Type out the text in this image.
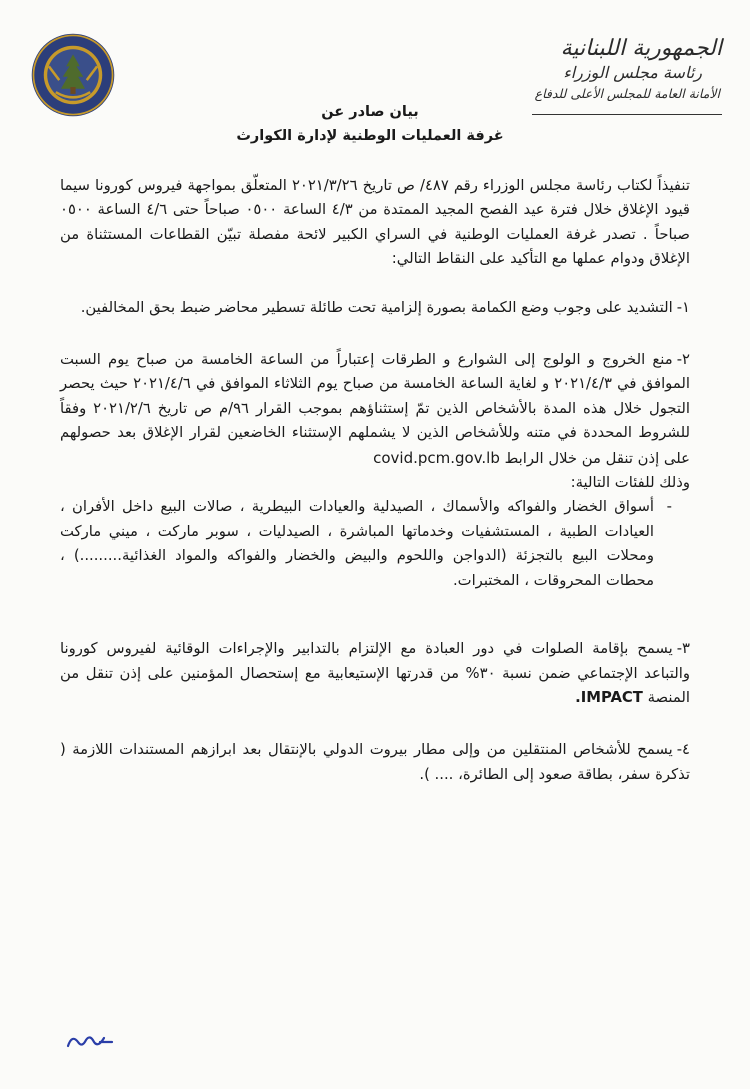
الجمهورية اللبنانية
رئاسة مجلس الوزراء
الأمانة العامة للمجلس الأعلى للدفاع
بيان صادر عن
غرفة العمليات الوطنية لإدارة الكوارث

تنفيذاً لكتاب رئاسة مجلس الوزراء رقم ٤٨٧/ ص تاريخ ٢٠٢١/٣/٢٦ المتعلّق بمواجهة فيروس كورونا سيما قيود الإغلاق خلال فترة عيد الفصح المجيد الممتدة من ٤/٣ الساعة ٠٥٠٠ صباحاً حتى ٤/٦ الساعة ٠٥٠٠ صباحاً . تصدر غرفة العمليات الوطنية في السراي الكبير لائحة مفصلة تبيّن القطاعات المستثناة من الإغلاق ودوام عملها مع التأكيد على النقاط التالي:

١-التشديد على وجوب وضع الكمامة بصورة إلزامية تحت طائلة تسطير محاضر ضبط بحق المخالفين.

٢-منع الخروج و الولوج إلى الشوارع و الطرقات إعتباراً من الساعة الخامسة من صباح يوم السبت الموافق في ٢٠٢١/٤/٣ و لغاية الساعة الخامسة من صباح يوم الثلاثاء الموافق في ٢٠٢١/٤/٦ حيث يحصر التجول خلال هذه المدة بالأشخاص الذين تمّ إستثناؤهم بموجب القرار ٩٦/م ص تاريخ ٢٠٢١/٢/٦ وفقاً للشروط المحددة في متنه وللأشخاص الذين لا يشملهم الإستثناء الخاضعين لقرار الإغلاق بعد حصولهم على إذن تنقل من خلال الرابط covid.pcm.gov.lb

وذلك للفئات التالية:

- أسواق الخضار والفواكه والأسماك ، الصيدلية والعيادات البيطرية ، صالات البيع داخل الأفران ، العيادات الطبية ، المستشفيات وخدماتها المباشرة ، الصيدليات ، سوبر ماركت ، ميني ماركت ومحلات البيع بالتجزئة (الدواجن واللحوم والبيض والخضار والفواكه والمواد الغذائية.........) ، محطات المحروقات ، المختبرات.

٣-يسمح بإقامة الصلوات في دور العبادة مع الإلتزام بالتدابير والإجراءات الوقائية لفيروس كورونا والتباعد الإجتماعي ضمن نسبة ٣٠% من قدرتها الإستيعابية مع إستحصال المؤمنين على إذن تنقل من المنصة IMPACT.

٤-يسمح للأشخاص المنتقلين من وإلى مطار بيروت الدولي بالإنتقال بعد ابرازهم المستندات اللازمة ( تذكرة سفر، بطاقة صعود إلى الطائرة، .... ).
